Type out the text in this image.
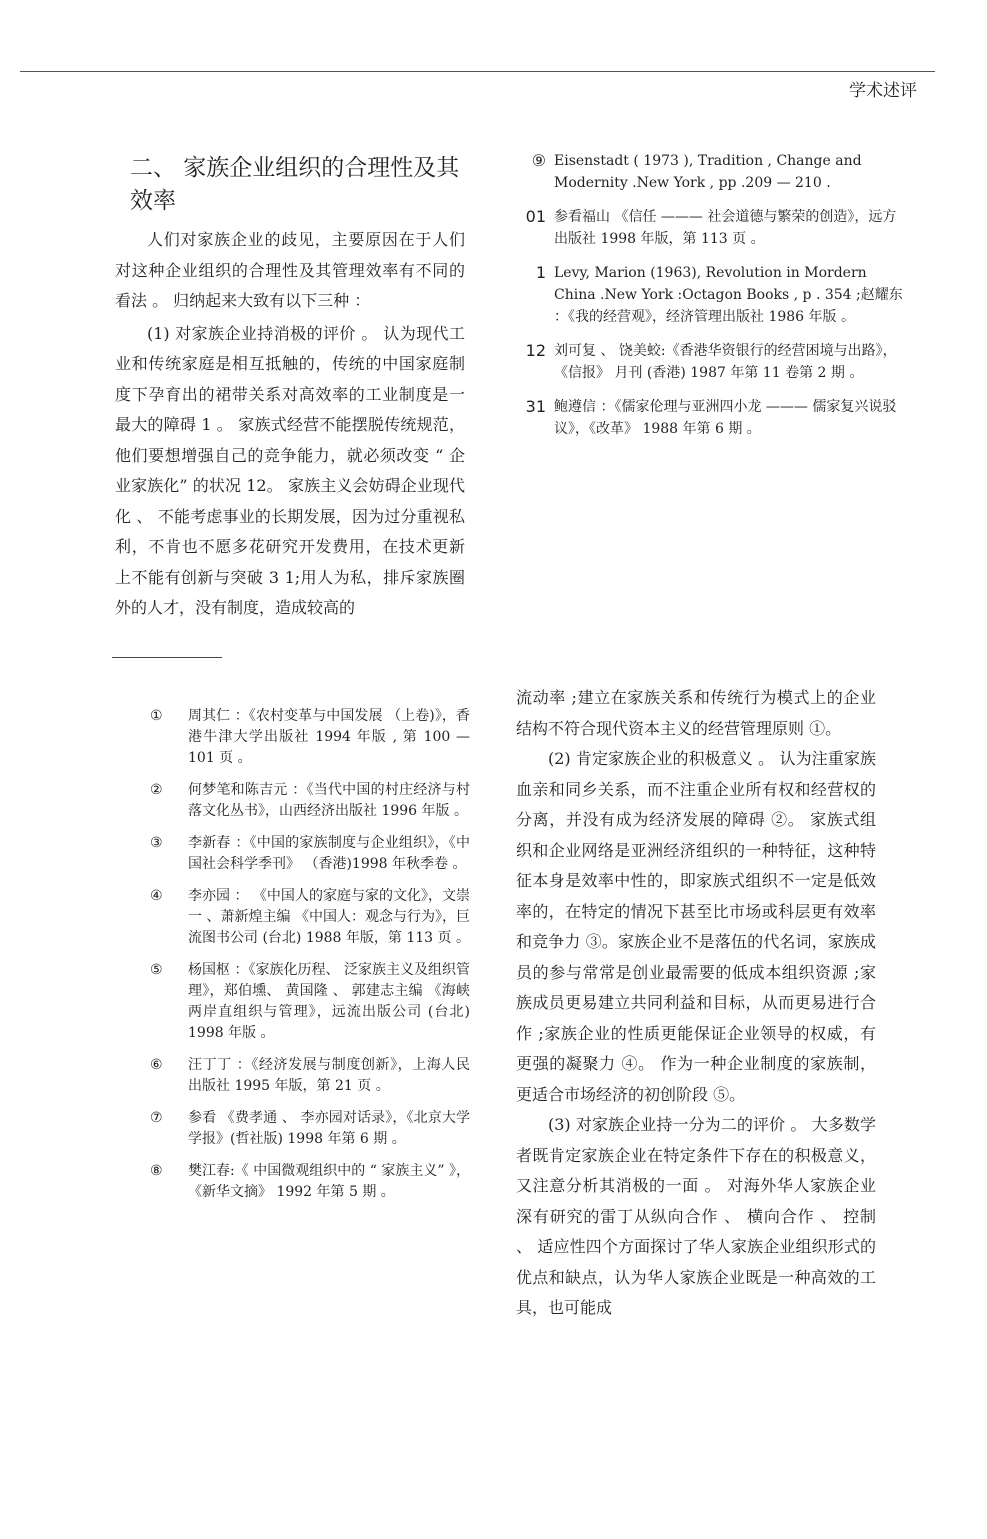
学术述评
二、 家族企业组织的合理性及其效率

人们对家族企业的歧见，主要原因在于人们对这种企业组织的合理性及其管理效率有不同的看法 。 归纳起来大致有以下三种 ：

(1) 对家族企业持消极的评价 。 认为现代工业和传统家庭是相互抵触的，传统的中国家庭制度下孕育出的裙带关系对高效率的工业制度是一最大的障碍 1 。 家族式经营不能摆脱传统规范，他们要想增强自己的竞争能力，就必须改变 “ 企业家族化” 的状况 12。 家族主义会妨碍企业现代化 、 不能考虑事业的长期发展，因为过分重视私利，不肯也不愿多花研究开发费用，在技术更新上不能有创新与突破 3 1;用人为私，排斥家族圈外的人才，没有制度，造成较高的

①	周其仁 ：《农村变革与中国发展 （上卷)》，香港牛津大学出版社 1994 年版 , 第 100 — 101 页 。
②	何梦笔和陈吉元 ：《当代中国的村庄经济与村落文化丛书》，山西经济出版社 1996 年版 。
③	李新春 ：《中国的家族制度与企业组织》，《中国社会科学季刊》 （香港)1998 年秋季卷 。
④	李亦园 ： 《中国人的家庭与家的文化》，文崇一 、萧新煌主编 《中国人：观念与行为》，巨流图书公司 (台北) 1988 年版，第 113 页 。
⑤	杨国枢 ：《家族化历程、 泛家族主义及组织管理》，郑伯壎、 黄国隆 、 郭建志主编 《海峡两岸直组织与管理》，远流出版公司 (台北) 1998 年版 。
⑥	汪丁丁 ：《经济发展与制度创新》，上海人民出版社 1995 年版，第 21 页 。
⑦	参看 《费孝通 、 李亦园对话录》，《北京大学学报》(哲社版) 1998 年第 6 期 。
⑧	樊江春:《 中国微观组织中的 “ 家族主义” 》，《新华文摘》 1992 年第 5 期 。
⑨ Eisenstadt ( 1973 ), Tradition , Change and Modernity .New York , pp .209 — 210 .
01 参看福山 《信任 ——— 社会道德与繁荣的创造》，远方出版社 1998 年版，第 113 页 。
1 Levy, Marion (1963), Revolution in Mordern China .New York :Octagon Books , p . 354 ;赵耀东 ：《我的经营观》，经济管理出版社 1986 年版 。
12 刘可复 、 饶美蛟:《香港华资银行的经营困境与出路》，《信报》 月刊 (香港) 1987 年第 11 卷第 2 期 。
31 鲍遵信 ：《儒家伦理与亚洲四小龙 ——— 儒家复兴说驳议》，《改革》 1988 年第 6 期 。

流动率 ;建立在家族关系和传统行为模式上的企业结构不符合现代资本主义的经营管理原则 ①。

(2) 肯定家族企业的积极意义 。 认为注重家族血亲和同乡关系，而不注重企业所有权和经营权的分离，并没有成为经济发展的障碍 ②。 家族式组织和企业网络是亚洲经济组织的一种特征，这种特征本身是效率中性的，即家族式组织不一定是低效率的，在特定的情况下甚至比市场或科层更有效率和竞争力 ③。家族企业不是落伍的代名词，家族成员的参与常常是创业最需要的低成本组织资源 ;家族成员更易建立共同利益和目标，从而更易进行合作 ;家族企业的性质更能保证企业领导的权威，有更强的凝聚力 ④。 作为一种企业制度的家族制，更适合市场经济的初创阶段 ⑤。

(3) 对家族企业持一分为二的评价 。 大多数学者既肯定家族企业在特定条件下存在的积极意义，又注意分析其消极的一面 。 对海外华人家族企业深有研究的雷丁从纵向合作 、 横向合作 、 控制 、 适应性四个方面探讨了华人家族企业组织形式的优点和缺点，认为华人家族企业既是一种高效的工具，也可能成
